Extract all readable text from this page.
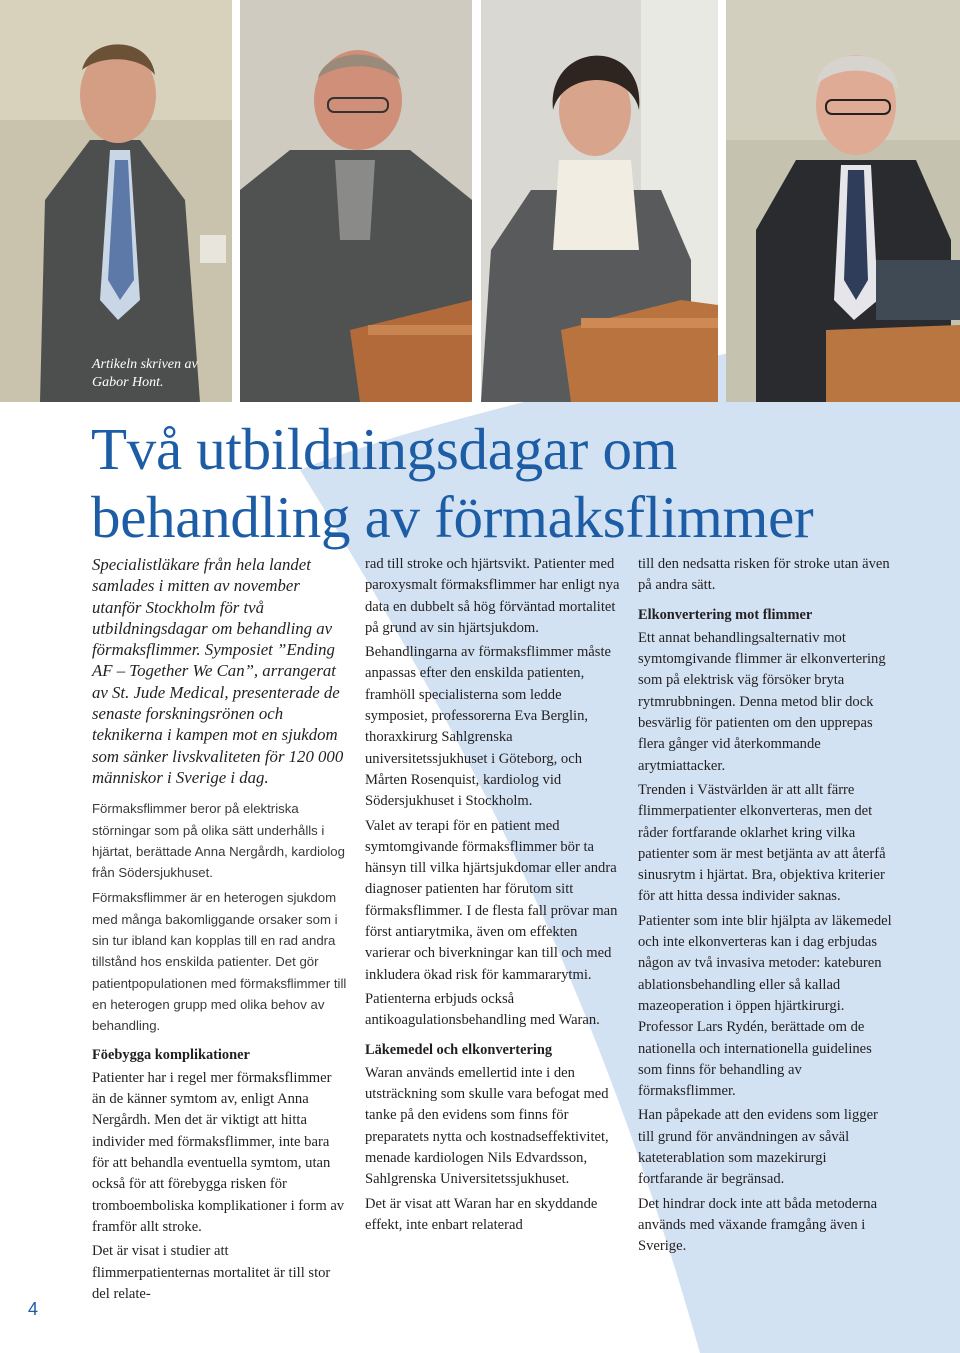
Artikeln skriven av
Gabor Hont.
Två utbildningsdagar om
behandling av förmaksflimmer

Specialistläkare från hela landet samlades i mitten av november utanför Stockholm för två utbildningsdagar om behandling av förmaksflimmer. Symposiet ”Ending AF – Together We Can”, arrangerat av St. Jude Medical, presenterade de senaste forskningsrönen och teknikerna i kampen mot en sjukdom som sänker livskvaliteten för 120 000 människor i Sverige i dag.

Förmaksflimmer beror på elektriska störningar som på olika sätt underhålls i hjärtat, berättade Anna Nergårdh, kardiolog från Södersjukhuset.

Förmaksflimmer är en heterogen sjukdom med många bakomliggande orsaker som i sin tur ibland kan kopplas till en rad andra tillstånd hos enskilda patienter. Det gör patientpopulationen med förmaksflimmer till en heterogen grupp med olika behov av behandling.

Föebygga komplikationer

Patienter har i regel mer förmaksflimmer än de känner symtom av, enligt Anna Nergårdh. Men det är viktigt att hitta individer med förmaksflimmer, inte bara för att behandla eventuella symtom, utan också för att förebygga risken för tromboemboliska komplikationer i form av framför allt stroke.

Det är visat i studier att flimmerpatienternas mortalitet är till stor del relate-

rad till stroke och hjärtsvikt. Patienter med paroxysmalt förmaksflimmer har enligt nya data en dubbelt så hög förväntad mortalitet på grund av sin hjärtsjukdom.

Behandlingarna av förmaksflimmer måste anpassas efter den enskilda patienten, framhöll specialisterna som ledde symposiet, professorerna Eva Berglin, thoraxkirurg Sahlgrenska universitetssjukhuset i Göteborg, och Mårten Rosenquist, kardiolog vid Södersjukhuset i Stockholm.

Valet av terapi för en patient med symtomgivande förmaksflimmer bör ta hänsyn till vilka hjärtsjukdomar eller andra diagnoser patienten har förutom sitt förmaksflimmer. I de flesta fall prövar man först antiarytmika, även om effekten varierar och biverkningar kan till och med inkludera ökad risk för kammararytmi.

Patienterna erbjuds också antikoagulationsbehandling med Waran.

Läkemedel och elkonvertering

Waran används emellertid inte i den utsträckning som skulle vara befogat med tanke på den evidens som finns för preparatets nytta och kostnadseffektivitet, menade kardiologen Nils Edvardsson, Sahlgrenska Universitetssjukhuset.

Det är visat att Waran har en skyddande effekt, inte enbart relaterad

till den nedsatta risken för stroke utan även på andra sätt.

Elkonvertering mot flimmer

Ett annat behandlingsalternativ mot symtomgivande flimmer är elkonvertering som på elektrisk väg försöker bryta rytmrubbningen. Denna metod blir dock besvärlig för patienten om den upprepas flera gånger vid återkommande arytmiattacker.

Trenden i Västvärlden är att allt färre flimmerpatienter elkonverteras, men det råder fortfarande oklarhet kring vilka patienter som är mest betjänta av att återfå sinusrytm i hjärtat. Bra, objektiva kriterier för att hitta dessa individer saknas.

Patienter som inte blir hjälpta av läkemedel och inte elkonverteras kan i dag erbjudas någon av två invasiva metoder: kateburen ablationsbehandling eller så kallad mazeoperation i öppen hjärtkirurgi. Professor Lars Rydén, berättade om de nationella och internationella guidelines som finns för behandling av förmaksflimmer.

Han påpekade att den evidens som ligger till grund för användningen av såväl kateterablation som mazekirurgi fortfarande är begränsad.

Det hindrar dock inte att båda metoderna används med växande framgång även i Sverige.

4
